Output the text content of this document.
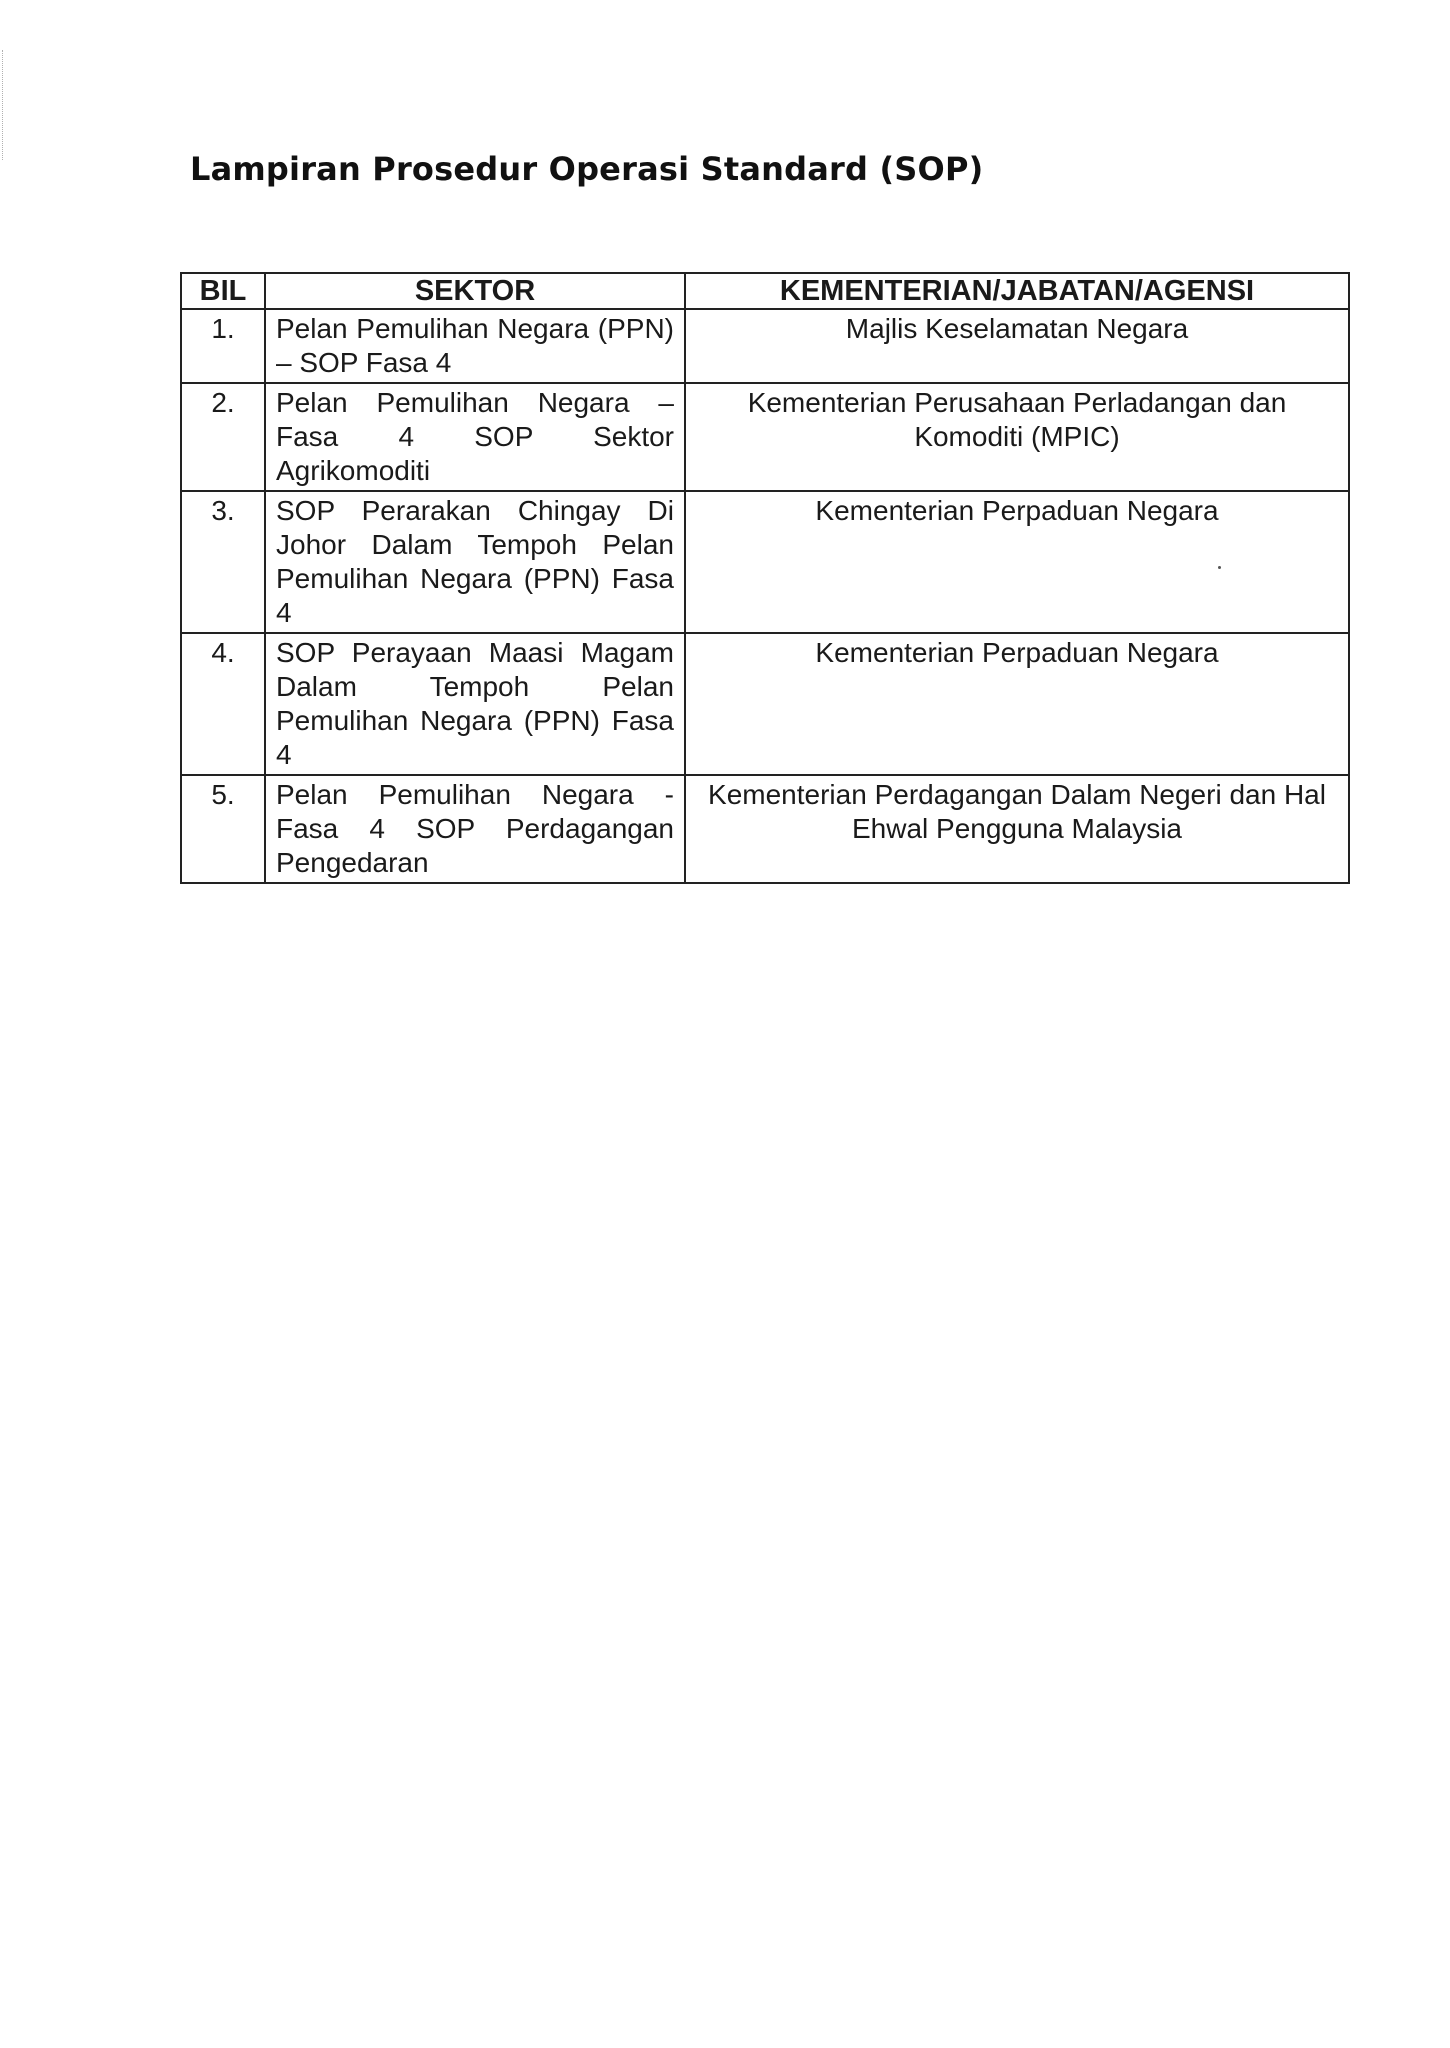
Lampiran Prosedur Operasi Standard (SOP)
BIL	SEKTOR	KEMENTERIAN/JABATAN/AGENSI
1.	Pelan Pemulihan Negara (PPN) – SOP Fasa 4	Majlis Keselamatan Negara
2.	Pelan Pemulihan Negara – Fasa 4 SOP Sektor Agrikomoditi	Kementerian Perusahaan Perladangan dan Komoditi (MPIC)
3.	SOP Perarakan Chingay Di Johor Dalam Tempoh Pelan Pemulihan Negara (PPN) Fasa 4	Kementerian Perpaduan Negara
4.	SOP Perayaan Maasi Magam Dalam Tempoh Pelan Pemulihan Negara (PPN) Fasa 4	Kementerian Perpaduan Negara
5.	Pelan Pemulihan Negara - Fasa 4 SOP Perdagangan Pengedaran	Kementerian Perdagangan Dalam Negeri dan Hal Ehwal Pengguna Malaysia
